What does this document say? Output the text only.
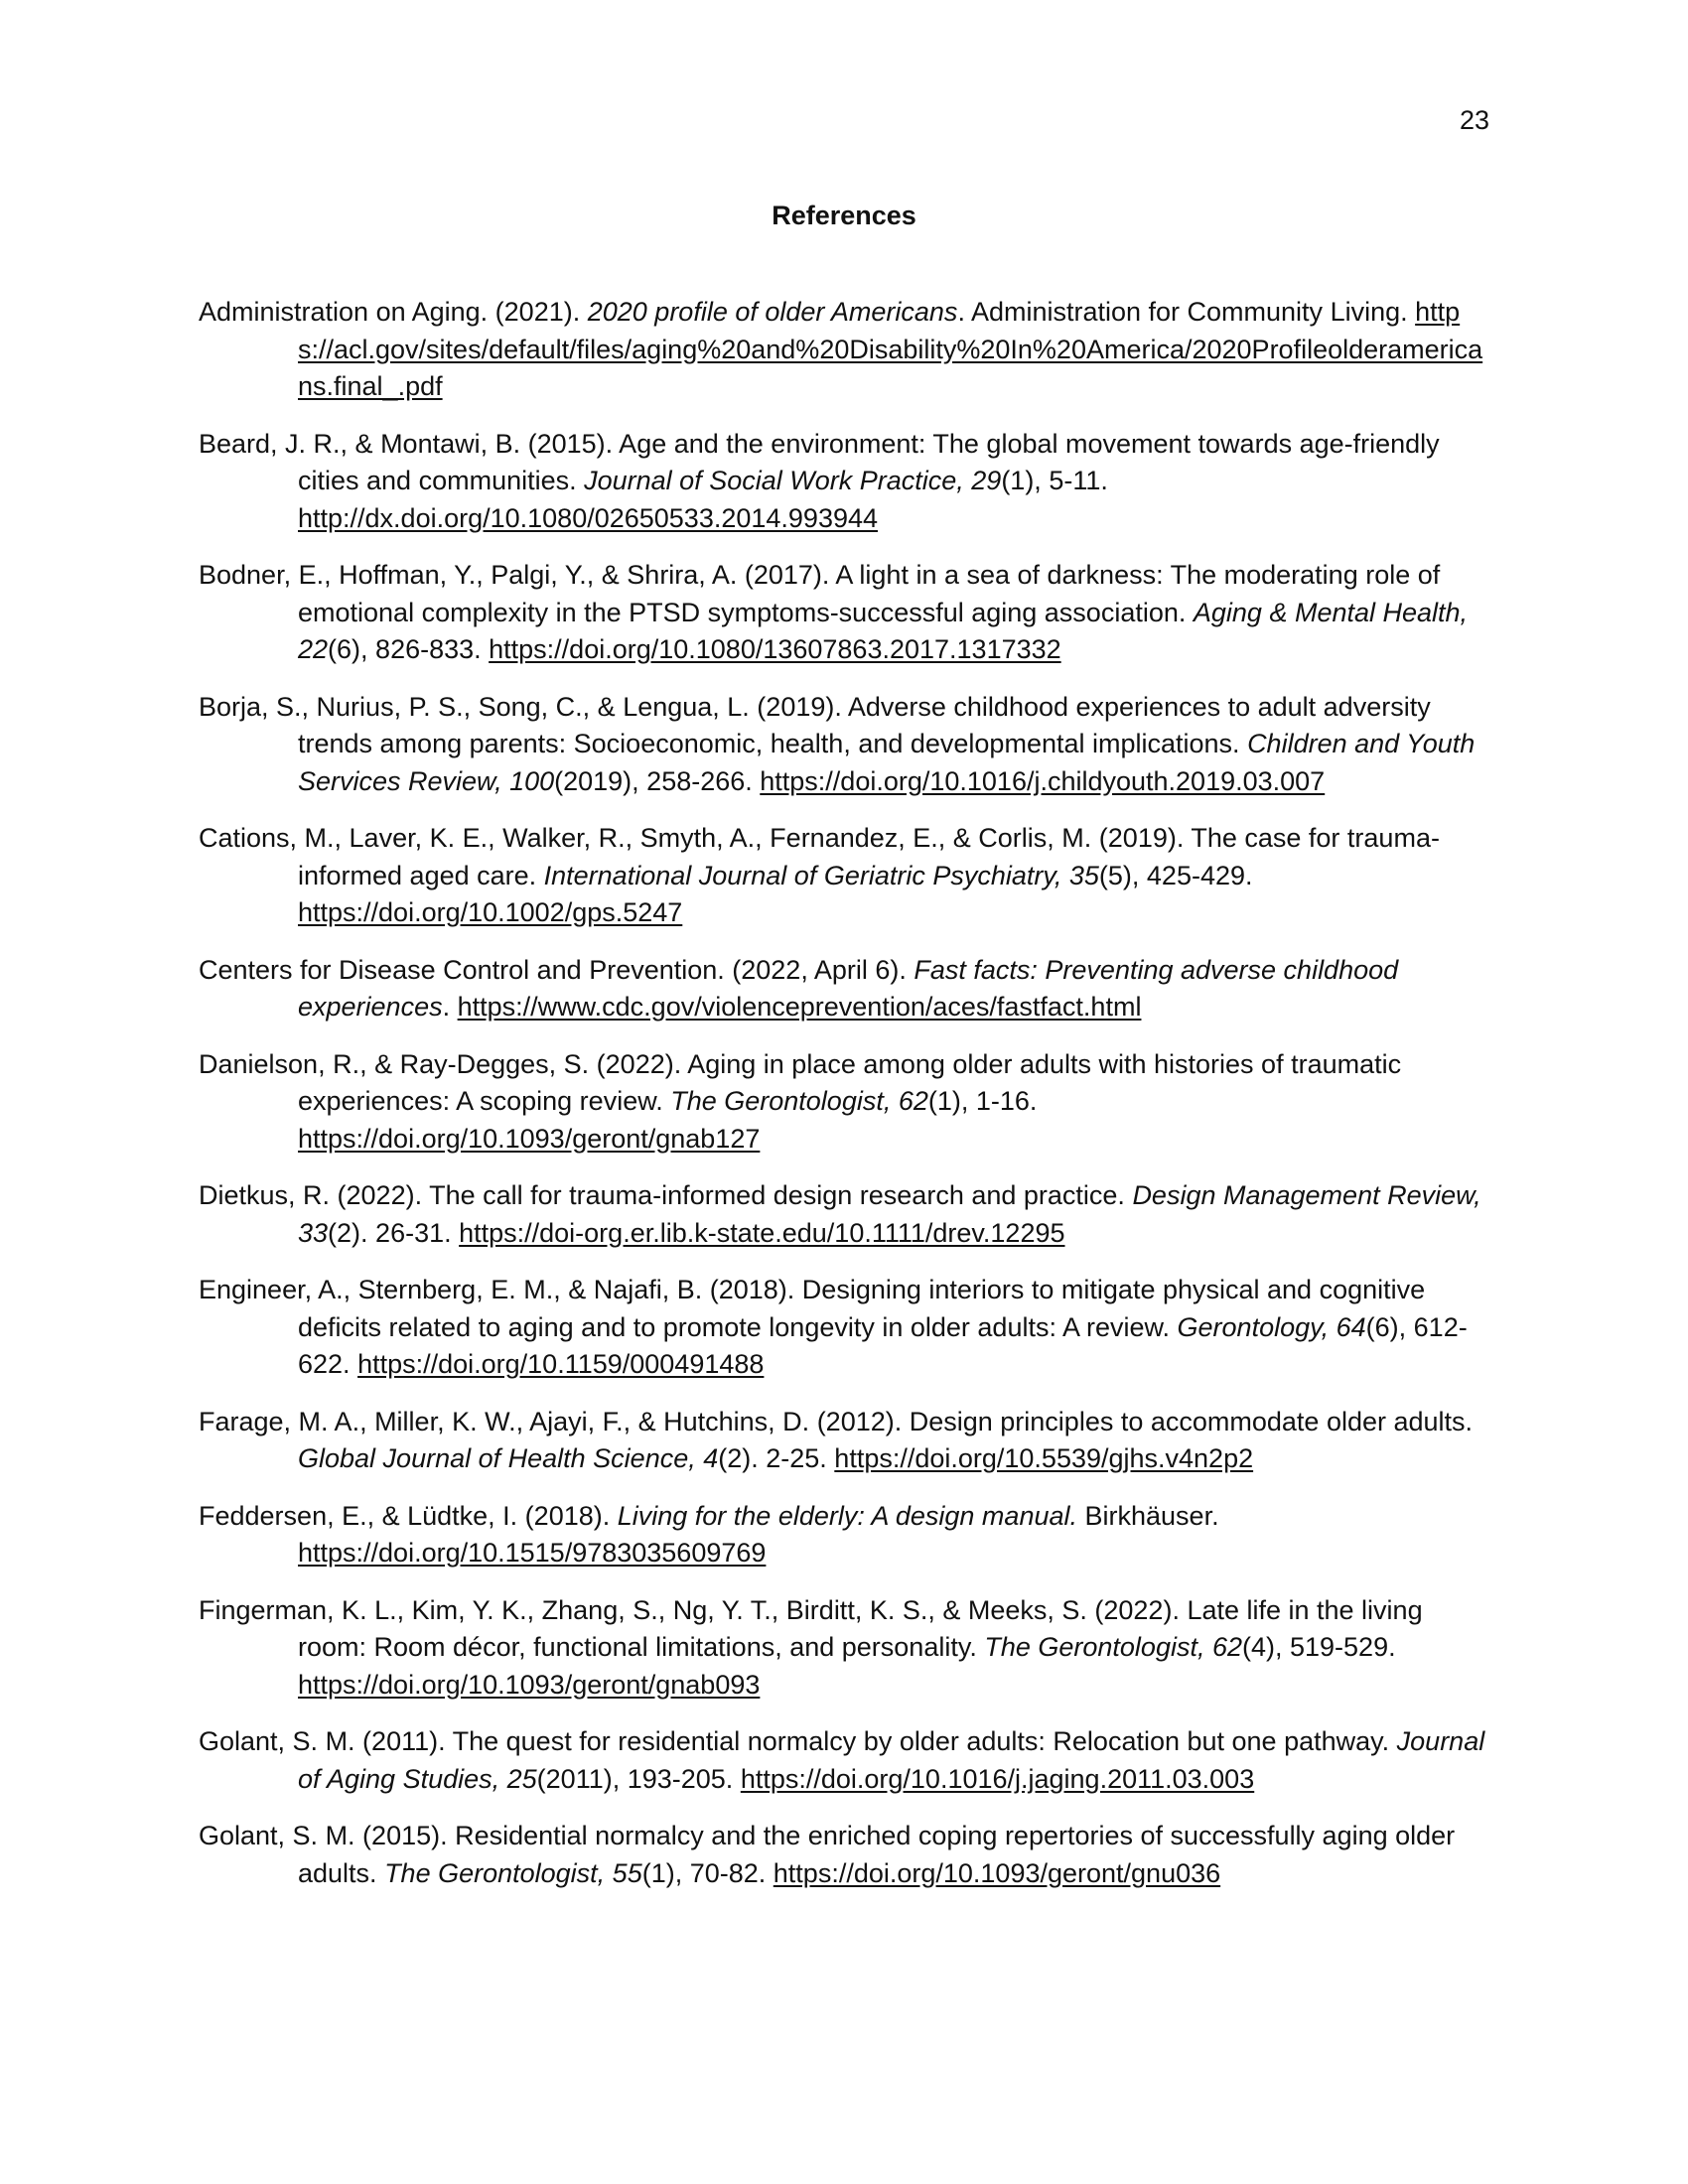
23
References
Administration on Aging. (2021). 2020 profile of older Americans. Administration for Community Living. https://acl.gov/sites/default/files/aging%20and%20Disability%20In%20America/2020Profileolderamericans.final_.pdf
Beard, J. R., & Montawi, B. (2015). Age and the environment: The global movement towards age-friendly cities and communities. Journal of Social Work Practice, 29(1), 5-11. http://dx.doi.org/10.1080/02650533.2014.993944
Bodner, E., Hoffman, Y., Palgi, Y., & Shrira, A. (2017). A light in a sea of darkness: The moderating role of emotional complexity in the PTSD symptoms-successful aging association. Aging & Mental Health, 22(6), 826-833. https://doi.org/10.1080/13607863.2017.1317332
Borja, S., Nurius, P. S., Song, C., & Lengua, L. (2019). Adverse childhood experiences to adult adversity trends among parents: Socioeconomic, health, and developmental implications. Children and Youth Services Review, 100(2019), 258-266. https://doi.org/10.1016/j.childyouth.2019.03.007
Cations, M., Laver, K. E., Walker, R., Smyth, A., Fernandez, E., & Corlis, M. (2019). The case for trauma-informed aged care. International Journal of Geriatric Psychiatry, 35(5), 425-429. https://doi.org/10.1002/gps.5247
Centers for Disease Control and Prevention. (2022, April 6). Fast facts: Preventing adverse childhood experiences. https://www.cdc.gov/violenceprevention/aces/fastfact.html
Danielson, R., & Ray-Degges, S. (2022). Aging in place among older adults with histories of traumatic experiences: A scoping review. The Gerontologist, 62(1), 1-16. https://doi.org/10.1093/geront/gnab127
Dietkus, R. (2022). The call for trauma-informed design research and practice. Design Management Review, 33(2). 26-31. https://doi-org.er.lib.k-state.edu/10.1111/drev.12295
Engineer, A., Sternberg, E. M., & Najafi, B. (2018). Designing interiors to mitigate physical and cognitive deficits related to aging and to promote longevity in older adults: A review. Gerontology, 64(6), 612-622. https://doi.org/10.1159/000491488
Farage, M. A., Miller, K. W., Ajayi, F., & Hutchins, D. (2012). Design principles to accommodate older adults. Global Journal of Health Science, 4(2). 2-25. https://doi.org/10.5539/gjhs.v4n2p2
Feddersen, E., & Lüdtke, I. (2018). Living for the elderly: A design manual. Birkhäuser. https://doi.org/10.1515/9783035609769
Fingerman, K. L., Kim, Y. K., Zhang, S., Ng, Y. T., Birditt, K. S., & Meeks, S. (2022). Late life in the living room: Room décor, functional limitations, and personality. The Gerontologist, 62(4), 519-529. https://doi.org/10.1093/geront/gnab093
Golant, S. M. (2011). The quest for residential normalcy by older adults: Relocation but one pathway. Journal of Aging Studies, 25(2011), 193-205. https://doi.org/10.1016/j.jaging.2011.03.003
Golant, S. M. (2015). Residential normalcy and the enriched coping repertories of successfully aging older adults. The Gerontologist, 55(1), 70-82. https://doi.org/10.1093/geront/gnu036
